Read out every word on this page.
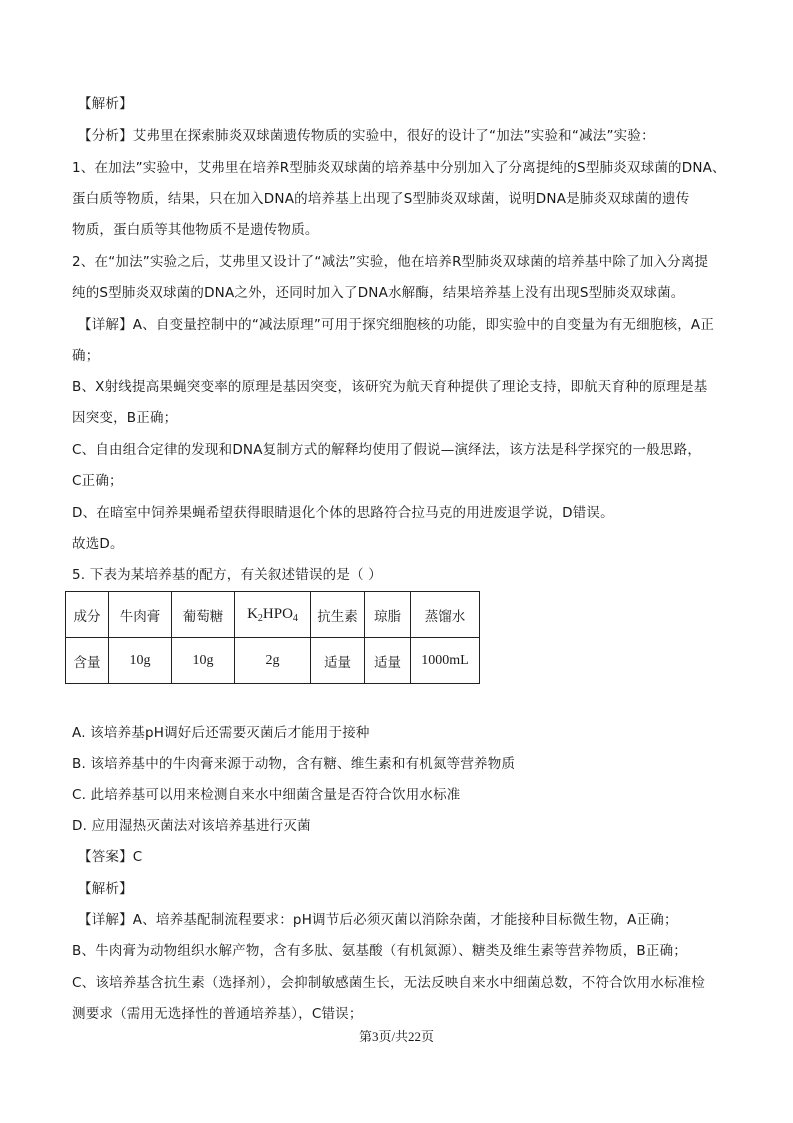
【解析】
【分析】艾弗里在探索肺炎双球菌遗传物质的实验中，很好的设计了“加法”实验和“减法”实验：
1、在加法”实验中，艾弗里在培养R型肺炎双球菌的培养基中分别加入了分离提纯的S型肺炎双球菌的DNA、
蛋白质等物质，结果，只在加入DNA的培养基上出现了S型肺炎双球菌，说明DNA是肺炎双球菌的遗传
物质，蛋白质等其他物质不是遗传物质。
2、在“加法”实验之后，艾弗里又设计了“减法”实验，他在培养R型肺炎双球菌的培养基中除了加入分离提
纯的S型肺炎双球菌的DNA之外，还同时加入了DNA水解酶，结果培养基上没有出现S型肺炎双球菌。
【详解】A、自变量控制中的“减法原理”可用于探究细胞核的功能，即实验中的自变量为有无细胞核，A正
确；
B、X射线提高果蝇突变率的原理是基因突变，该研究为航天育种提供了理论支持，即航天育种的原理是基
因突变，B正确；
C、自由组合定律的发现和DNA复制方式的解释均使用了假说—演绎法，该方法是科学探究的一般思路，
C正确；
D、在暗室中饲养果蝇希望获得眼睛退化个体的思路符合拉马克的用进废退学说，D错误。
故选D。
5. 下表为某培养基的配方，有关叙述错误的是（ ）
成分	牛肉膏	葡萄糖	$K_2HPO_4$	抗生素	琼脂	蒸馏水
含量	10g	10g	2g	适量	适量	1000mL
A. 该培养基pH调好后还需要灭菌后才能用于接种
B. 该培养基中的牛肉膏来源于动物，含有糖、维生素和有机氮等营养物质
C. 此培养基可以用来检测自来水中细菌含量是否符合饮用水标准
D. 应用湿热灭菌法对该培养基进行灭菌
【答案】C
【解析】
【详解】A、培养基配制流程要求：pH调节后必须灭菌以消除杂菌，才能接种目标微生物，A正确；
B、牛肉膏为动物组织水解产物，含有多肽、氨基酸（有机氮源）、糖类及维生素等营养物质，B正确；
C、该培养基含抗生素（选择剂），会抑制敏感菌生长，无法反映自来水中细菌总数，不符合饮用水标准检
测要求（需用无选择性的普通培养基），C错误；
第3页/共22页
